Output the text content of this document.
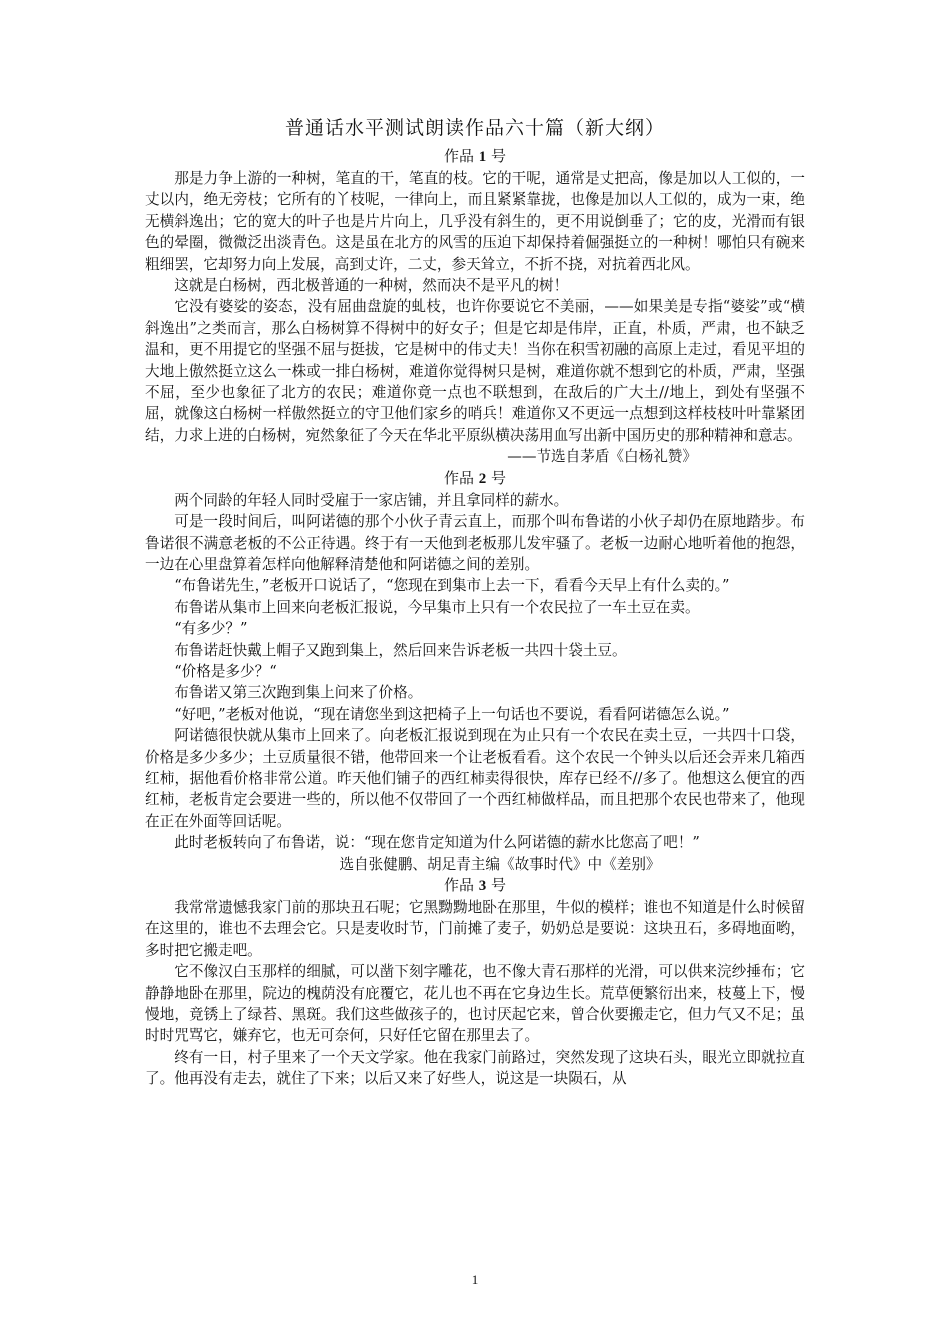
普通话水平测试朗读作品六十篇（新大纲）

作品 1 号

那是力争上游的一种树，笔直的干，笔直的枝。它的干呢，通常是丈把高，像是加以人工似的，一丈以内，绝无旁枝；它所有的丫枝呢，一律向上，而且紧紧靠拢，也像是加以人工似的，成为一束，绝无横斜逸出；它的宽大的叶子也是片片向上，几乎没有斜生的，更不用说倒垂了；它的皮，光滑而有银色的晕圈，微微泛出淡青色。这是虽在北方的风雪的压迫下却保持着倔强挺立的一种树！哪怕只有碗来粗细罢，它却努力向上发展，高到丈许，二丈，参天耸立，不折不挠，对抗着西北风。

这就是白杨树，西北极普通的一种树，然而决不是平凡的树！

它没有婆娑的姿态，没有屈曲盘旋的虬枝，也许你要说它不美丽，——如果美是专指“婆娑”或“横斜逸出”之类而言，那么白杨树算不得树中的好女子；但是它却是伟岸，正直，朴质，严肃，也不缺乏温和，更不用提它的坚强不屈与挺拔，它是树中的伟丈夫！当你在积雪初融的高原上走过，看见平坦的大地上傲然挺立这么一株或一排白杨树，难道你觉得树只是树，难道你就不想到它的朴质，严肃，坚强不屈，至少也象征了北方的农民；难道你竟一点也不联想到，在敌后的广大土//地上，到处有坚强不屈，就像这白杨树一样傲然挺立的守卫他们家乡的哨兵！难道你又不更远一点想到这样枝枝叶叶靠紧团结，力求上进的白杨树，宛然象征了今天在华北平原纵横决荡用血写出新中国历史的那种精神和意志。

——节选自茅盾《白杨礼赞》

作品 2 号

两个同龄的年轻人同时受雇于一家店铺，并且拿同样的薪水。

可是一段时间后，叫阿诺德的那个小伙子青云直上，而那个叫布鲁诺的小伙子却仍在原地踏步。布鲁诺很不满意老板的不公正待遇。终于有一天他到老板那儿发牢骚了。老板一边耐心地听着他的抱怨，一边在心里盘算着怎样向他解释清楚他和阿诺德之间的差别。

“布鲁诺先生，”老板开口说话了，“您现在到集市上去一下，看看今天早上有什么卖的。”

布鲁诺从集市上回来向老板汇报说，今早集市上只有一个农民拉了一车土豆在卖。

“有多少？”

布鲁诺赶快戴上帽子又跑到集上，然后回来告诉老板一共四十袋土豆。

“价格是多少？“

布鲁诺又第三次跑到集上问来了价格。

“好吧，”老板对他说，“现在请您坐到这把椅子上一句话也不要说，看看阿诺德怎么说。”

阿诺德很快就从集市上回来了。向老板汇报说到现在为止只有一个农民在卖土豆，一共四十口袋，价格是多少多少；土豆质量很不错，他带回来一个让老板看看。这个农民一个钟头以后还会弄来几箱西红柿，据他看价格非常公道。昨天他们铺子的西红柿卖得很快，库存已经不//多了。他想这么便宜的西红柿，老板肯定会要进一些的，所以他不仅带回了一个西红柿做样品，而且把那个农民也带来了，他现在正在外面等回话呢。

此时老板转向了布鲁诺，说：“现在您肯定知道为什么阿诺德的薪水比您高了吧！”

选自张健鹏、胡足青主编《故事时代》中《差别》

作品 3 号

我常常遗憾我家门前的那块丑石呢；它黑黝黝地卧在那里，牛似的模样；谁也不知道是什么时候留在这里的，谁也不去理会它。只是麦收时节，门前摊了麦子，奶奶总是要说：这块丑石，多碍地面哟，多时把它搬走吧。

它不像汉白玉那样的细腻，可以凿下刻字雕花，也不像大青石那样的光滑，可以供来浣纱捶布；它静静地卧在那里，院边的槐荫没有庇覆它，花儿也不再在它身边生长。荒草便繁衍出来，枝蔓上下，慢慢地，竟锈上了绿苔、黑斑。我们这些做孩子的，也讨厌起它来，曾合伙要搬走它，但力气又不足；虽时时咒骂它，嫌弃它，也无可奈何，只好任它留在那里去了。

终有一日，村子里来了一个天文学家。他在我家门前路过，突然发现了这块石头，眼光立即就拉直了。他再没有走去，就住了下来；以后又来了好些人，说这是一块陨石，从

1
